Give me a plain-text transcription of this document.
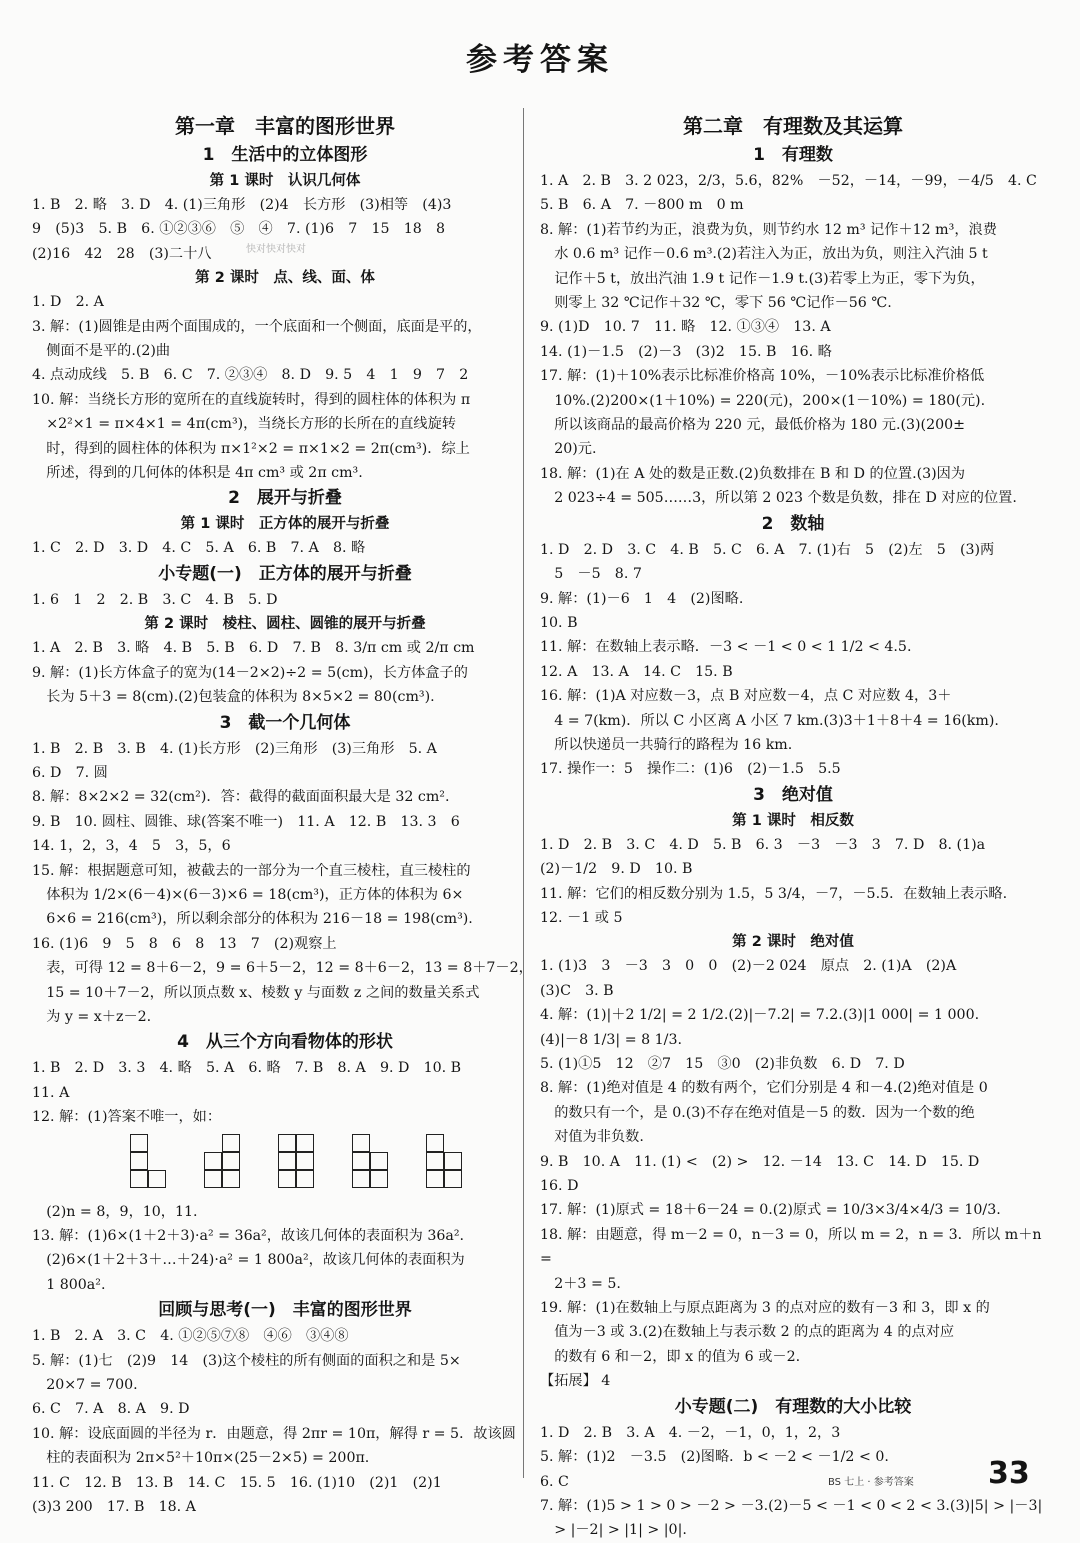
参考答案
第一章　丰富的图形世界
1　生活中的立体图形
第 1 课时　认识几何体
1. B　2. 略　3. D　4. (1)三角形　(2)4　长方形　(3)相等　(4)3
9　(5)3　5. B　6. ①②③⑥　⑤　④　7. (1)6　7　15　18　8
(2)16　42　28　(3)二十八
第 2 课时　点、线、面、体
1. D　2. A
3. 解：(1)圆锥是由两个面围成的，一个底面和一个侧面，底面是平的，
　侧面不是平的.(2)曲
4. 点动成线　5. B　6. C　7. ②③④　8. D　9. 5　4　1　9　7　2
10. 解：当绕长方形的宽所在的直线旋转时，得到的圆柱体的体积为 π
　×2²×1 = π×4×1 = 4π(cm³)，当绕长方形的长所在的直线旋转
　时，得到的圆柱体的体积为 π×1²×2 = π×1×2 = 2π(cm³)．综上
　所述，得到的几何体的体积是 4π cm³ 或 2π cm³.
2　展开与折叠
第 1 课时　正方体的展开与折叠
1. C　2. D　3. D　4. C　5. A　6. B　7. A　8. 略
小专题(一)　正方体的展开与折叠
1. 6　1　2　2. B　3. C　4. B　5. D
第 2 课时　棱柱、圆柱、圆锥的展开与折叠
1. A　2. B　3. 略　4. B　5. B　6. D　7. B　8. 3/π cm 或 2/π cm
9. 解：(1)长方体盒子的宽为(14－2×2)÷2 = 5(cm)，长方体盒子的
　长为 5＋3 = 8(cm).(2)包装盒的体积为 8×5×2 = 80(cm³).
3　截一个几何体
1. B　2. B　3. B　4. (1)长方形　(2)三角形　(3)三角形　5. A
6. D　7. 圆
8. 解：8×2×2 = 32(cm²)．答：截得的截面面积最大是 32 cm².
9. B　10. 圆柱、圆锥、球(答案不唯一)　11. A　12. B　13. 3　6
14. 1，2，3，4　5　3，5，6
15. 解：根据题意可知，被截去的一部分为一个直三棱柱，直三棱柱的
　体积为 1/2×(6－4)×(6－3)×6 = 18(cm³)，正方体的体积为 6×
　6×6 = 216(cm³)，所以剩余部分的体积为 216－18 = 198(cm³).
16. (1)6　9　5　8　6　8　13　7　(2)观察上
　表，可得 12 = 8＋6－2，9 = 6＋5－2，12 = 8＋6－2，13 = 8＋7－2，
　15 = 10＋7－2，所以顶点数 x、棱数 y 与面数 z 之间的数量关系式
　为 y = x＋z－2.
4　从三个方向看物体的形状
1. B　2. D　3. 3　4. 略　5. A　6. 略　7. B　8. A　9. D　10. B
11. A
12. 解：(1)答案不唯一，如：
　(2)n = 8，9，10，11.
13. 解：(1)6×(1＋2＋3)·a² = 36a²，故该几何体的表面积为 36a².
　(2)6×(1＋2＋3＋…＋24)·a² = 1 800a²，故该几何体的表面积为
　1 800a².
回顾与思考(一)　丰富的图形世界
1. B　2. A　3. C　4. ①②⑤⑦⑧　④⑥　③④⑧
5. 解：(1)七　(2)9　14　(3)这个棱柱的所有侧面的面积之和是 5×
　20×7 = 700.
6. C　7. A　8. A　9. D
10. 解：设底面圆的半径为 r．由题意，得 2πr = 10π，解得 r = 5．故该圆
　柱的表面积为 2π×5²＋10π×(25－2×5) = 200π.
11. C　12. B　13. B　14. C　15. 5　16. (1)10　(2)1　(2)1
(3)3 200　17. B　18. A
第二章　有理数及其运算
1　有理数
1. A　2. B　3. 2 023，2/3，5.6，82%　－52，－14，－99，－4/5　4. C
5. B　6. A　7. －800 m　0 m
8. 解：(1)若节约为正，浪费为负，则节约水 12 m³ 记作＋12 m³，浪费
　水 0.6 m³ 记作－0.6 m³.(2)若注入为正，放出为负，则注入汽油 5 t
　记作＋5 t，放出汽油 1.9 t 记作－1.9 t.(3)若零上为正，零下为负，
　则零上 32 ℃记作＋32 ℃，零下 56 ℃记作－56 ℃.
9. (1)D　10. 7　11. 略　12. ①③④　13. A
14. (1)－1.5　(2)－3　(3)2　15. B　16. 略
17. 解：(1)＋10%表示比标准价格高 10%，－10%表示比标准价格低
　10%.(2)200×(1＋10%) = 220(元)，200×(1－10%) = 180(元).
　所以该商品的最高价格为 220 元，最低价格为 180 元.(3)(200±
　20)元.
18. 解：(1)在 A 处的数是正数.(2)负数排在 B 和 D 的位置.(3)因为
　2 023÷4 = 505……3，所以第 2 023 个数是负数，排在 D 对应的位置.
2　数轴
1. D　2. D　3. C　4. B　5. C　6. A　7. (1)右　5　(2)左　5　(3)两
　5　－5　8. 7
9. 解：(1)－6　1　4　(2)图略.
10. B
11. 解：在数轴上表示略．－3 < －1 < 0 < 1 1/2 < 4.5.
12. A　13. A　14. C　15. B
16. 解：(1)A 对应数－3，点 B 对应数－4，点 C 对应数 4，3＋
　4 = 7(km)．所以 C 小区离 A 小区 7 km.(3)3＋1＋8＋4 = 16(km).
　所以快递员一共骑行的路程为 16 km.
17. 操作一：5　操作二：(1)6　(2)－1.5　5.5
3　绝对值
第 1 课时　相反数
1. D　2. B　3. C　4. D　5. B　6. 3　－3　－3　3　7. D　8. (1)a
(2)－1/2　9. D　10. B
11. 解：它们的相反数分别为 1.5，5 3/4，－7，－5.5．在数轴上表示略.
12. －1 或 5
第 2 课时　绝对值
1. (1)3　3　－3　3　0　0　(2)－2 024　原点　2. (1)A　(2)A
(3)C　3. B
4. 解：(1)|＋2 1/2| = 2 1/2.(2)|－7.2| = 7.2.(3)|1 000| = 1 000.
(4)|－8 1/3| = 8 1/3.
5. (1)①5　12　②7　15　③0　(2)非负数　6. D　7. D
8. 解：(1)绝对值是 4 的数有两个，它们分别是 4 和－4.(2)绝对值是 0
　的数只有一个，是 0.(3)不存在绝对值是－5 的数．因为一个数的绝
　对值为非负数.
9. B　10. A　11. (1) <　(2) >　12. －14　13. C　14. D　15. D
16. D
17. 解：(1)原式 = 18＋6－24 = 0.(2)原式 = 10/3×3/4×4/3 = 10/3.
18. 解：由题意，得 m－2 = 0，n－3 = 0，所以 m = 2，n = 3．所以 m＋n =
　2＋3 = 5.
19. 解：(1)在数轴上与原点距离为 3 的点对应的数有－3 和 3，即 x 的
　值为－3 或 3.(2)在数轴上与表示数 2 的点的距离为 4 的点对应
　的数有 6 和－2，即 x 的值为 6 或－2.
【拓展】 4
小专题(二)　有理数的大小比较
1. D　2. B　3. A　4. －2，－1，0，1，2，3
5. 解：(1)2　－3.5　(2)图略．b < －2 < －1/2 < 0.
6. C
7. 解：(1)5 > 1 > 0 > －2 > －3.(2)－5 < －1 < 0 < 2 < 3.(3)|5| > |－3|
　> |－2| > |1| > |0|.
快对快对快对
BS 七上 · 参考答案 33
